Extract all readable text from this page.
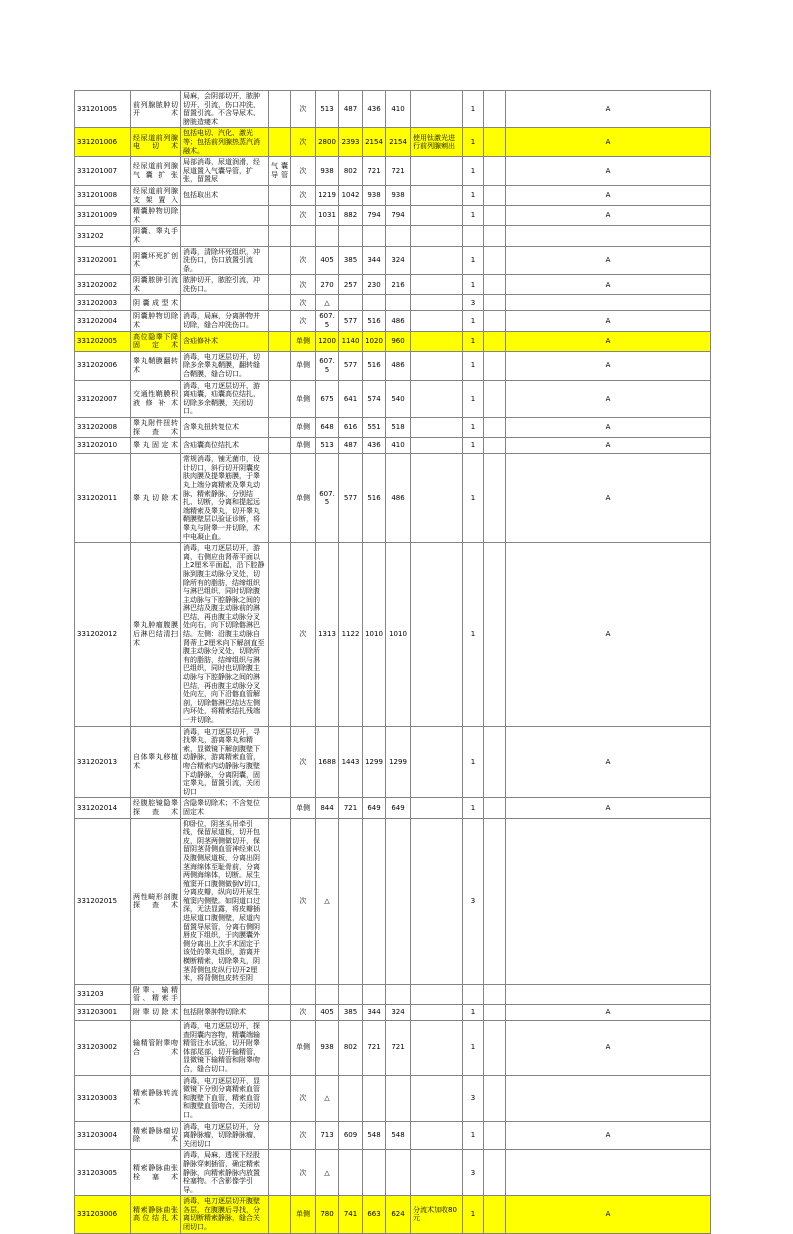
331201005	前列腺脓肿切开术	局麻，会阴部切开，脓肿切开，引流，伤口冲洗，留置引流。不含导尿术、膀胱造瘘术		次	513	487	436	410		1		A
331201006	经尿道前列腺电切术	包括电切、汽化、激光等；包括前列腺热蒸汽消融术。		次	2800	2393	2154	2154	使用钛激光进行前列腺剜出	1		A
331201007	经尿道前列腺气囊扩张	局部消毒，尿道润滑，经尿道置入气囊导管，扩张，留置尿	气囊导管	次	938	802	721	721		1		A
331201008	经尿道前列腺支架置入	包括取出术		次	1219	1042	938	938		1		A
331201009	精囊肿物切除术			次	1031	882	794	794		1		A
331202	阴囊、睾丸手术											
331202001	阴囊坏死扩创术	消毒，清除坏死组织，冲洗伤口，伤口放置引流条。		次	405	385	344	324		1		A
331202002	阴囊脓肿引流术	脓肿切开，脓腔引流，冲洗伤口。		次	270	257	230	216		1		A
331202003	阴囊成型术			次	△					3		
331202004	阴囊肿物切除术	消毒，局麻，分离肿物并切除，缝合冲洗伤口。		次	607.5	577	516	486		1		A
331202005	高位隐睾下降固定术	含疝修补术		单侧	1200	1140	1020	960		1		A
331202006	睾丸鞘膜翻转术	消毒，电刀逐层切开，切除多余睾丸鞘膜，翻转缝合鞘膜，缝合切口。		单侧	607.5	577	516	486		1		A
331202007	交通性鞘膜积液修补术	消毒，电刀逐层切开，游离疝囊，疝囊高位结扎，切除多余鞘膜，关闭切口。		单侧	675	641	574	540		1		A
331202008	睾丸附件扭转探查术	含睾丸扭转复位术		单侧	648	616	551	518		1		A
331202010	睾丸固定术	含疝囊高位结扎术		单侧	513	487	436	410		1		A
331202011	睾丸切除术	常规消毒，铺无菌巾，设计切口，斜行切开阴囊皮肤肉膜及提睾筋膜，于睾丸上端分离精索及睾丸动脉、精索静脉，分别结扎、切断，分离和提起远端精索及睾丸，切开睾丸鞘膜壁层以验证诊断，将睾丸与附睾一并切除，术中电凝止血。		单侧	607.5	577	516	486		1		A
331202012	睾丸肿瘤腹膜后淋巴结清扫术	消毒，电刀逐层切开，游离，右侧应由肾蒂平面以上2厘米平面起，沿下腔静脉到腹主动脉分叉处，切除所有的脂肪，结缔组织与淋巴组织，同时切除腹主动脉与下腔静脉之间的淋巴结及腹主动脉前的淋巴结，再由腹主动脉分叉处向右，向下切除髂淋巴结。左侧：沿腹主动脉自肾蒂上2厘米向下解剖直至腹主动脉分叉处，切除所有的脂肪，结缔组织与淋巴组织，同时也切除腹主动脉与下腔静脉之间的淋巴结，再由腹主动脉分叉处向左，向下沿髂血管解剖，切除髂淋巴结达左侧内环处，将精索结扎残端一并切除。		次	1313	1122	1010	1010		1		A
331202013	自体睾丸移植术	消毒，电刀逐层切开，寻找睾丸，游离睾丸和精索，显微镜下解剖腹壁下动静脉，游离精索血管，吻合精索内动静脉与腹壁下动静脉，分离阴囊，固定睾丸，留置引流，关闭切口		次	1688	1443	1299	1299		1		A
331202014	经腹腔镜隐睾探查术	含隐睾切除术；不含复位固定术		单侧	844	721	649	649		1		A
331202015	两性畸形剖腹探查术	仰卧位，阴茎头吊牵引线，保留尿道板，切开包皮，阴茎两侧做切开，保留阴茎背侧血管神经束以及腹侧尿道板，分离出阴茎海绵体至耻骨前，分离两侧海绵体，切断。尿生殖窦开口腹侧做倒V切口，分离皮瓣，纵向切开尿生殖窦内侧壁。如阴道口过深，无法显露，将皮瓣插进尿道口腹侧壁，尿道内留置导尿管，分离右侧阴唇皮下组织，于肉膜囊外侧分离出上次手术固定于该处的睾丸组织，游离并横断精索，切除睾丸，阴茎背侧包皮纵行切开2厘米，将背侧包皮转至阴		次	△					3		
331203	附睾、输精管、精索手											
331203001	附睾切除术	包括附睾肿物切除术		次	405	385	344	324		1		A
331203002	输精管附睾吻合术	消毒，电刀逐层切开，探查阴囊内容物，精囊端输精管注水试验，切开附睾体部尾部，切开输精管，显微镜下输精管和附睾吻合，缝合切口。		单侧	938	802	721	721		1		A
331203003	精索静脉转流术	消毒，电刀逐层切开，显微镜下分别分离精索血管和腹壁下血管，精索血管和腹壁血管吻合，关闭切口。		次	△					3		
331203004	精索静脉瘤切除术	消毒，电刀逐层切开，分离静脉瘤，切除静脉瘤，关闭切口		次	713	609	548	548		1		A
331203005	精索静脉曲张栓塞术	消毒，局麻，透视下经股静脉穿刺插管，确定精索静脉，向精索静脉内放置栓塞物。不含影像学引导。		次	△					3		
331203006	精索静脉曲张高位结扎术	消毒，电刀逐层切开腹壁各层，在腹膜后寻找，分离切断精索静脉，缝合关闭切口。		单侧	780	741	663	624	分流术加收80元	1		A
